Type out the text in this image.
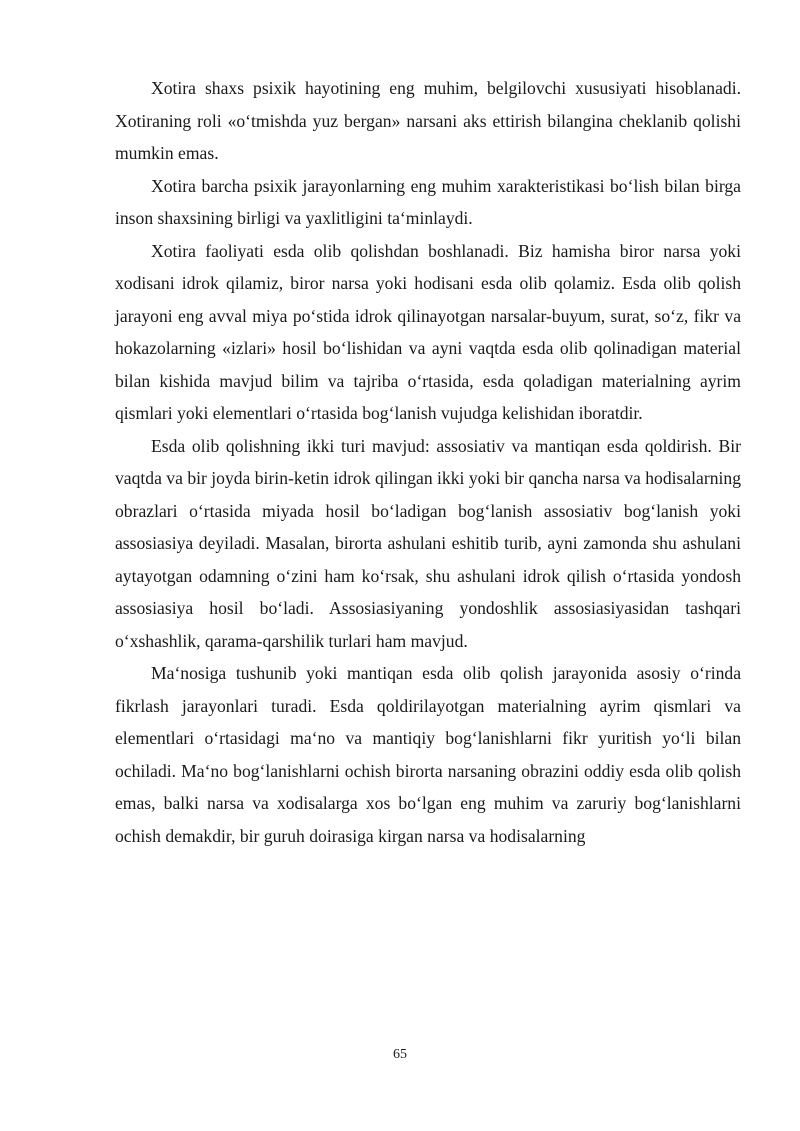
Xotira shaxs psixik hayotining eng muhim, belgilovchi xususiyati hisoblanadi. Xotiraning roli «oʻtmishda yuz bergan» narsani aks ettirish bilangina cheklanib qolishi mumkin emas.

Xotira barcha psixik jarayonlarning eng muhim xarakteristikasi boʻlish bilan birga inson shaxsining birligi va yaxlitligini taʻminlaydi.

Xotira faoliyati esda olib qolishdan boshlanadi. Biz hamisha biror narsa yoki xodisani idrok qilamiz, biror narsa yoki hodisani esda olib qolamiz. Esda olib qolish jarayoni eng avval miya poʻstida idrok qilinayotgan narsalar-buyum, surat, soʻz, fikr va hokazolarning «izlari» hosil boʻlishidan va ayni vaqtda esda olib qolinadigan material bilan kishida mavjud bilim va tajriba oʻrtasida, esda qoladigan materialning ayrim qismlari yoki elementlari oʻrtasida bogʻlanish vujudga kelishidan iboratdir.

Esda olib qolishning ikki turi mavjud: assosiativ va mantiqan esda qoldirish. Bir vaqtda va bir joyda birin-ketin idrok qilingan ikki yoki bir qancha narsa va hodisalarning obrazlari oʻrtasida miyada hosil boʻladigan bogʻlanish assosiativ bogʻlanish yoki assosiasiya deyiladi. Masalan, birorta ashulani eshitib turib, ayni zamonda shu ashulani aytayotgan odamning oʻzini ham koʻrsak, shu ashulani idrok qilish oʻrtasida yondosh assosiasiya hosil boʻladi. Assosiasiyaning yondoshlik assosiasiyasidan tashqari oʻxshashlik, qarama-qarshilik turlari ham mavjud.

Maʻnosiga tushunib yoki mantiqan esda olib qolish jarayonida asosiy oʻrinda fikrlash jarayonlari turadi. Esda qoldirilayotgan materialning ayrim qismlari va elementlari oʻrtasidagi maʻno va mantiqiy bogʻlanishlarni fikr yuritish yoʻli bilan ochiladi. Maʻno bogʻlanishlarni ochish birorta narsaning obrazini oddiy esda olib qolish emas, balki narsa va xodisalarga xos boʻlgan eng muhim va zaruriy bogʻlanishlarni ochish demakdir, bir guruh doirasiga kirgan narsa va hodisalarning

65
